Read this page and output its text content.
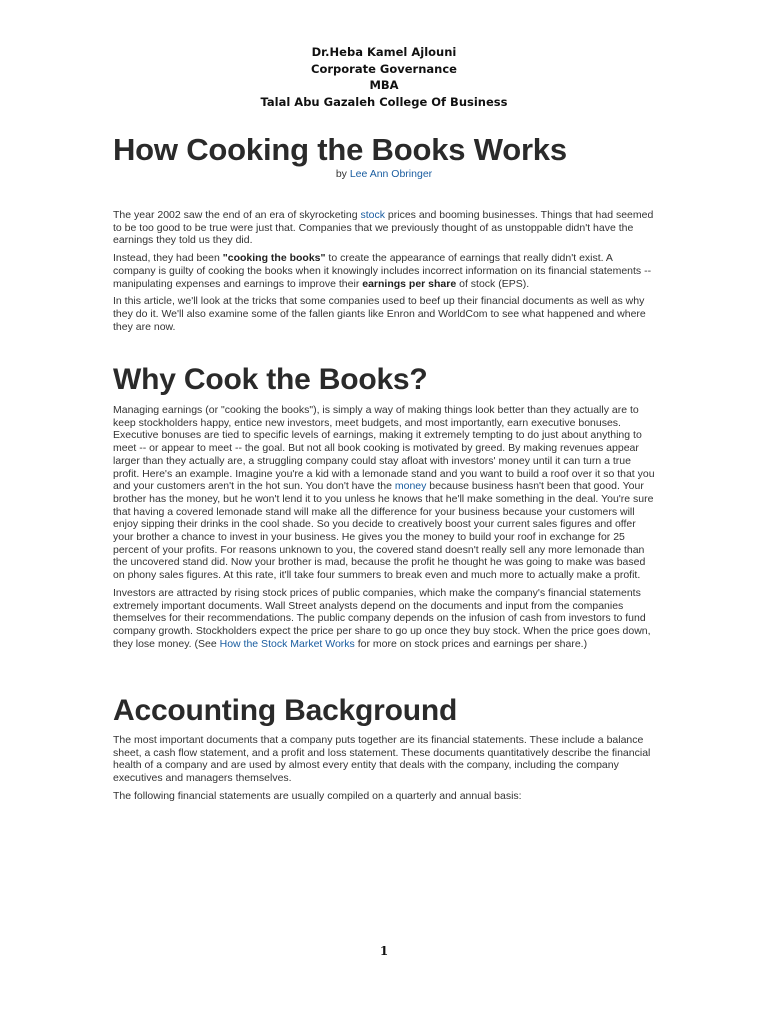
Dr.Heba Kamel Ajlouni
Corporate Governance
MBA
Talal Abu Gazaleh College Of Business
How Cooking the Books Works
by Lee Ann Obringer

The year 2002 saw the end of an era of skyrocketing stock prices and booming businesses. Things that had seemed to be too good to be true were just that. Companies that we previously thought of as unstoppable didn't have the earnings they told us they did.

Instead, they had been "cooking the books" to create the appearance of earnings that really didn't exist. A company is guilty of cooking the books when it knowingly includes incorrect information on its financial statements -- manipulating expenses and earnings to improve their earnings per share of stock (EPS).

In this article, we'll look at the tricks that some companies used to beef up their financial documents as well as why they do it. We'll also examine some of the fallen giants like Enron and WorldCom to see what happened and where they are now.

Why Cook the Books?

Managing earnings (or "cooking the books"), is simply a way of making things look better than they actually are to keep stockholders happy, entice new investors, meet budgets, and most importantly, earn executive bonuses. Executive bonuses are tied to specific levels of earnings, making it extremely tempting to do just about anything to meet -- or appear to meet -- the goal. But not all book cooking is motivated by greed. By making revenues appear larger than they actually are, a struggling company could stay afloat with investors' money until it can turn a true profit. Here's an example. Imagine you're a kid with a lemonade stand and you want to build a roof over it so that you and your customers aren't in the hot sun. You don't have the money because business hasn't been that good. Your brother has the money, but he won't lend it to you unless he knows that he'll make something in the deal. You're sure that having a covered lemonade stand will make all the difference for your business because your customers will enjoy sipping their drinks in the cool shade. So you decide to creatively boost your current sales figures and offer your brother a chance to invest in your business. He gives you the money to build your roof in exchange for 25 percent of your profits. For reasons unknown to you, the covered stand doesn't really sell any more lemonade than the uncovered stand did. Now your brother is mad, because the profit he thought he was going to make was based on phony sales figures. At this rate, it'll take four summers to break even and much more to actually make a profit.

Investors are attracted by rising stock prices of public companies, which make the company's financial statements extremely important documents. Wall Street analysts depend on the documents and input from the companies themselves for their recommendations. The public company depends on the infusion of cash from investors to fund company growth. Stockholders expect the price per share to go up once they buy stock. When the price goes down, they lose money. (See How the Stock Market Works for more on stock prices and earnings per share.)

Accounting Background

The most important documents that a company puts together are its financial statements. These include a balance sheet, a cash flow statement, and a profit and loss statement. These documents quantitatively describe the financial health of a company and are used by almost every entity that deals with the company, including the company executives and managers themselves.

The following financial statements are usually compiled on a quarterly and annual basis:

1
